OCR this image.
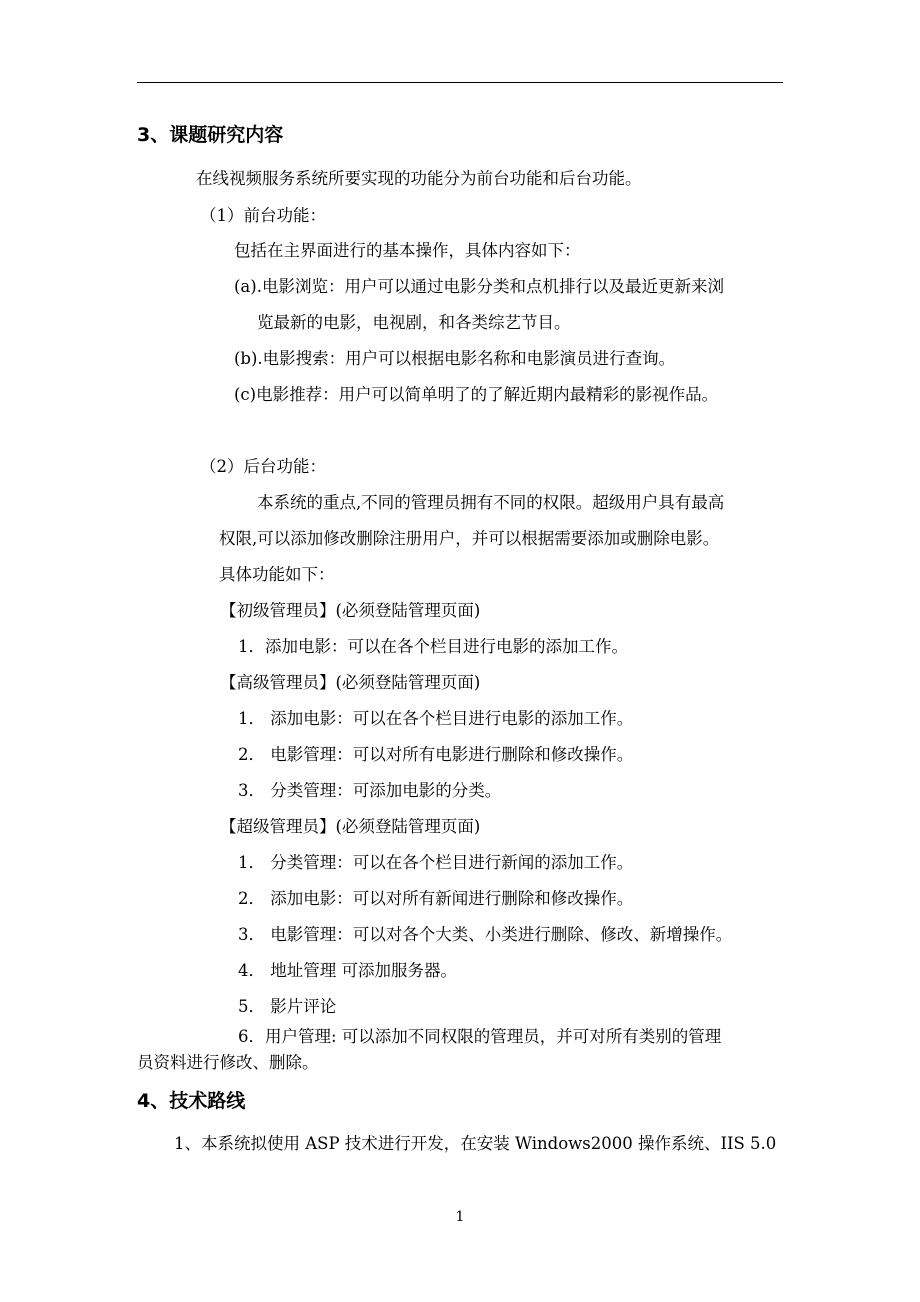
3、课题研究内容
在线视频服务系统所要实现的功能分为前台功能和后台功能。
（1）前台功能：
包括在主界面进行的基本操作，具体内容如下：
(a).电影浏览：用户可以通过电影分类和点机排行以及最近更新来浏
览最新的电影，电视剧，和各类综艺节目。
(b).电影搜索：用户可以根据电影名称和电影演员进行查询。
(c)电影推荐：用户可以简单明了的了解近期内最精彩的影视作品。
（2）后台功能：
本系统的重点,不同的管理员拥有不同的权限。超级用户具有最高
权限,可以添加修改删除注册用户，并可以根据需要添加或删除电影。
具体功能如下：
【初级管理员】(必须登陆管理页面)
1．添加电影：可以在各个栏目进行电影的添加工作。
【高级管理员】(必须登陆管理页面)
1． 添加电影：可以在各个栏目进行电影的添加工作。
2． 电影管理：可以对所有电影进行删除和修改操作。
3． 分类管理：可添加电影的分类。
【超级管理员】(必须登陆管理页面)
1． 分类管理：可以在各个栏目进行新闻的添加工作。
2． 添加电影：可以对所有新闻进行删除和修改操作。
3． 电影管理：可以对各个大类、小类进行删除、修改、新增操作。
4． 地址管理 可添加服务器。
5． 影片评论
6．用户管理: 可以添加不同权限的管理员，并可对所有类别的管理
员资料进行修改、删除。
4、技术路线
1、本系统拟使用 ASP 技术进行开发，在安装 Windows2000 操作系统、IIS 5.0
1
